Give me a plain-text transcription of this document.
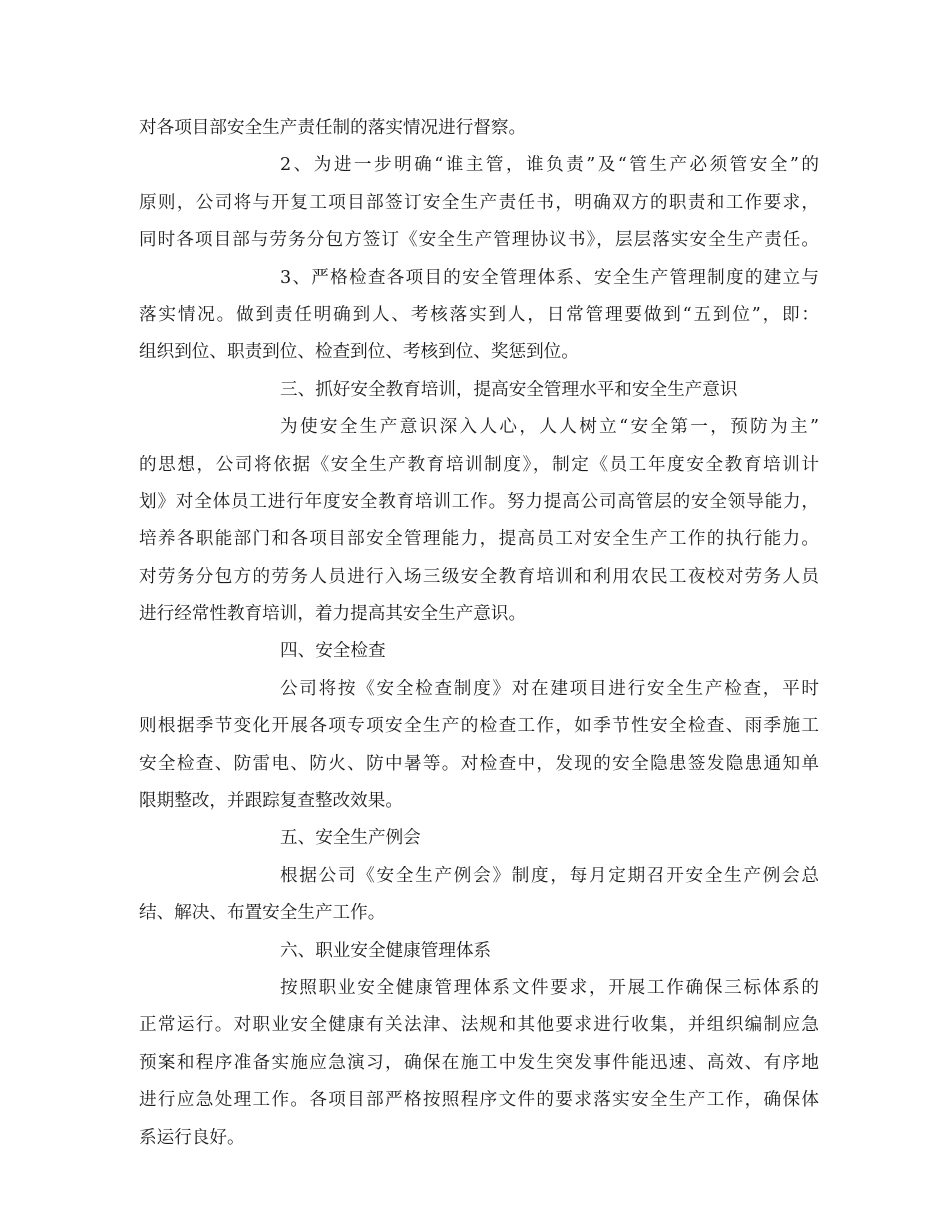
对各项目部安全生产责任制的落实情况进行督察。
2、为进一步明确“谁主管，谁负责”及“管生产必须管安全”的
原则，公司将与开复工项目部签订安全生产责任书，明确双方的职责和工作要求，
同时各项目部与劳务分包方签订《安全生产管理协议书》，层层落实安全生产责任。
3、严格检查各项目的安全管理体系、安全生产管理制度的建立与
落实情况。做到责任明确到人、考核落实到人，日常管理要做到“五到位”，即：
组织到位、职责到位、检查到位、考核到位、奖惩到位。
三、抓好安全教育培训，提高安全管理水平和安全生产意识
为使安全生产意识深入人心，人人树立“安全第一，预防为主”
的思想，公司将依据《安全生产教育培训制度》，制定《员工年度安全教育培训计
划》对全体员工进行年度安全教育培训工作。努力提高公司高管层的安全领导能力，
培养各职能部门和各项目部安全管理能力，提高员工对安全生产工作的执行能力。
对劳务分包方的劳务人员进行入场三级安全教育培训和利用农民工夜校对劳务人员
进行经常性教育培训，着力提高其安全生产意识。
四、安全检查
公司将按《安全检查制度》对在建项目进行安全生产检查，平时
则根据季节变化开展各项专项安全生产的检查工作，如季节性安全检查、雨季施工
安全检查、防雷电、防火、防中暑等。对检查中，发现的安全隐患签发隐患通知单
限期整改，并跟踪复查整改效果。
五、安全生产例会
根据公司《安全生产例会》制度，每月定期召开安全生产例会总
结、解决、布置安全生产工作。
六、职业安全健康管理体系
按照职业安全健康管理体系文件要求，开展工作确保三标体系的
正常运行。对职业安全健康有关法津、法规和其他要求进行收集，并组织编制应急
预案和程序准备实施应急演习，确保在施工中发生突发事件能迅速、高效、有序地
进行应急处理工作。各项目部严格按照程序文件的要求落实安全生产工作，确保体
系运行良好。
